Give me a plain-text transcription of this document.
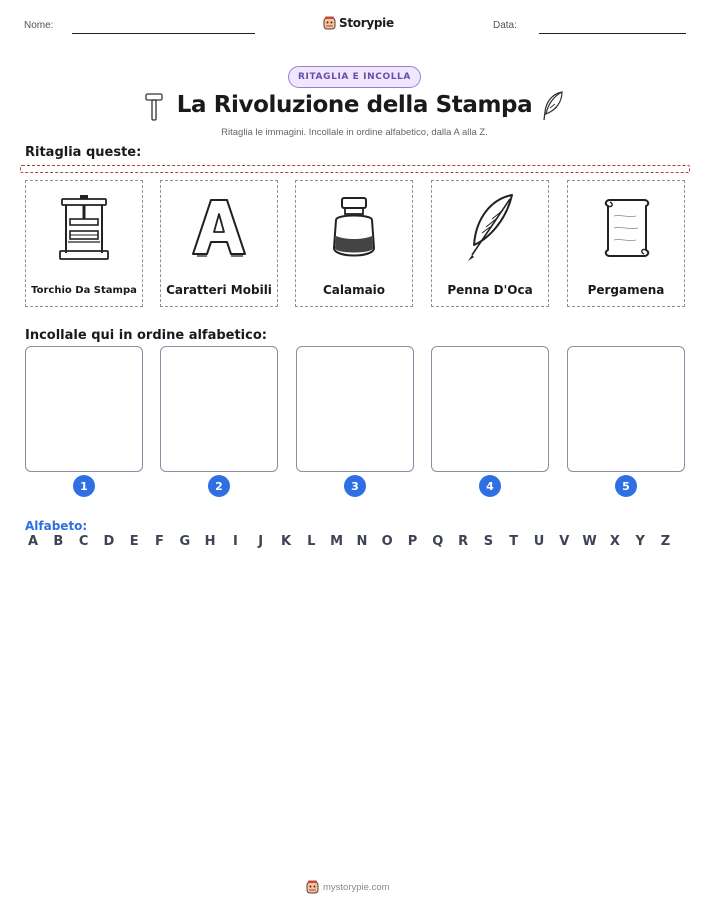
Nome:	Storypie	Data:
RITAGLIA E INCOLLA
La Rivoluzione della Stampa
Ritaglia le immagini. Incollale in ordine alfabetico, dalla A alla Z.
Ritaglia queste:
Torchio Da Stampa	Caratteri Mobili	Calamaio	Penna D'Oca	Pergamena
Incollale qui in ordine alfabetico:
1	2	3	4	5
Alfabeto:
A	B	C	D	E	F	G	H	I	J	K	L	M	N	O	P	Q	R	S	T	U	V	W	X	Y	Z
mystorypie.com
